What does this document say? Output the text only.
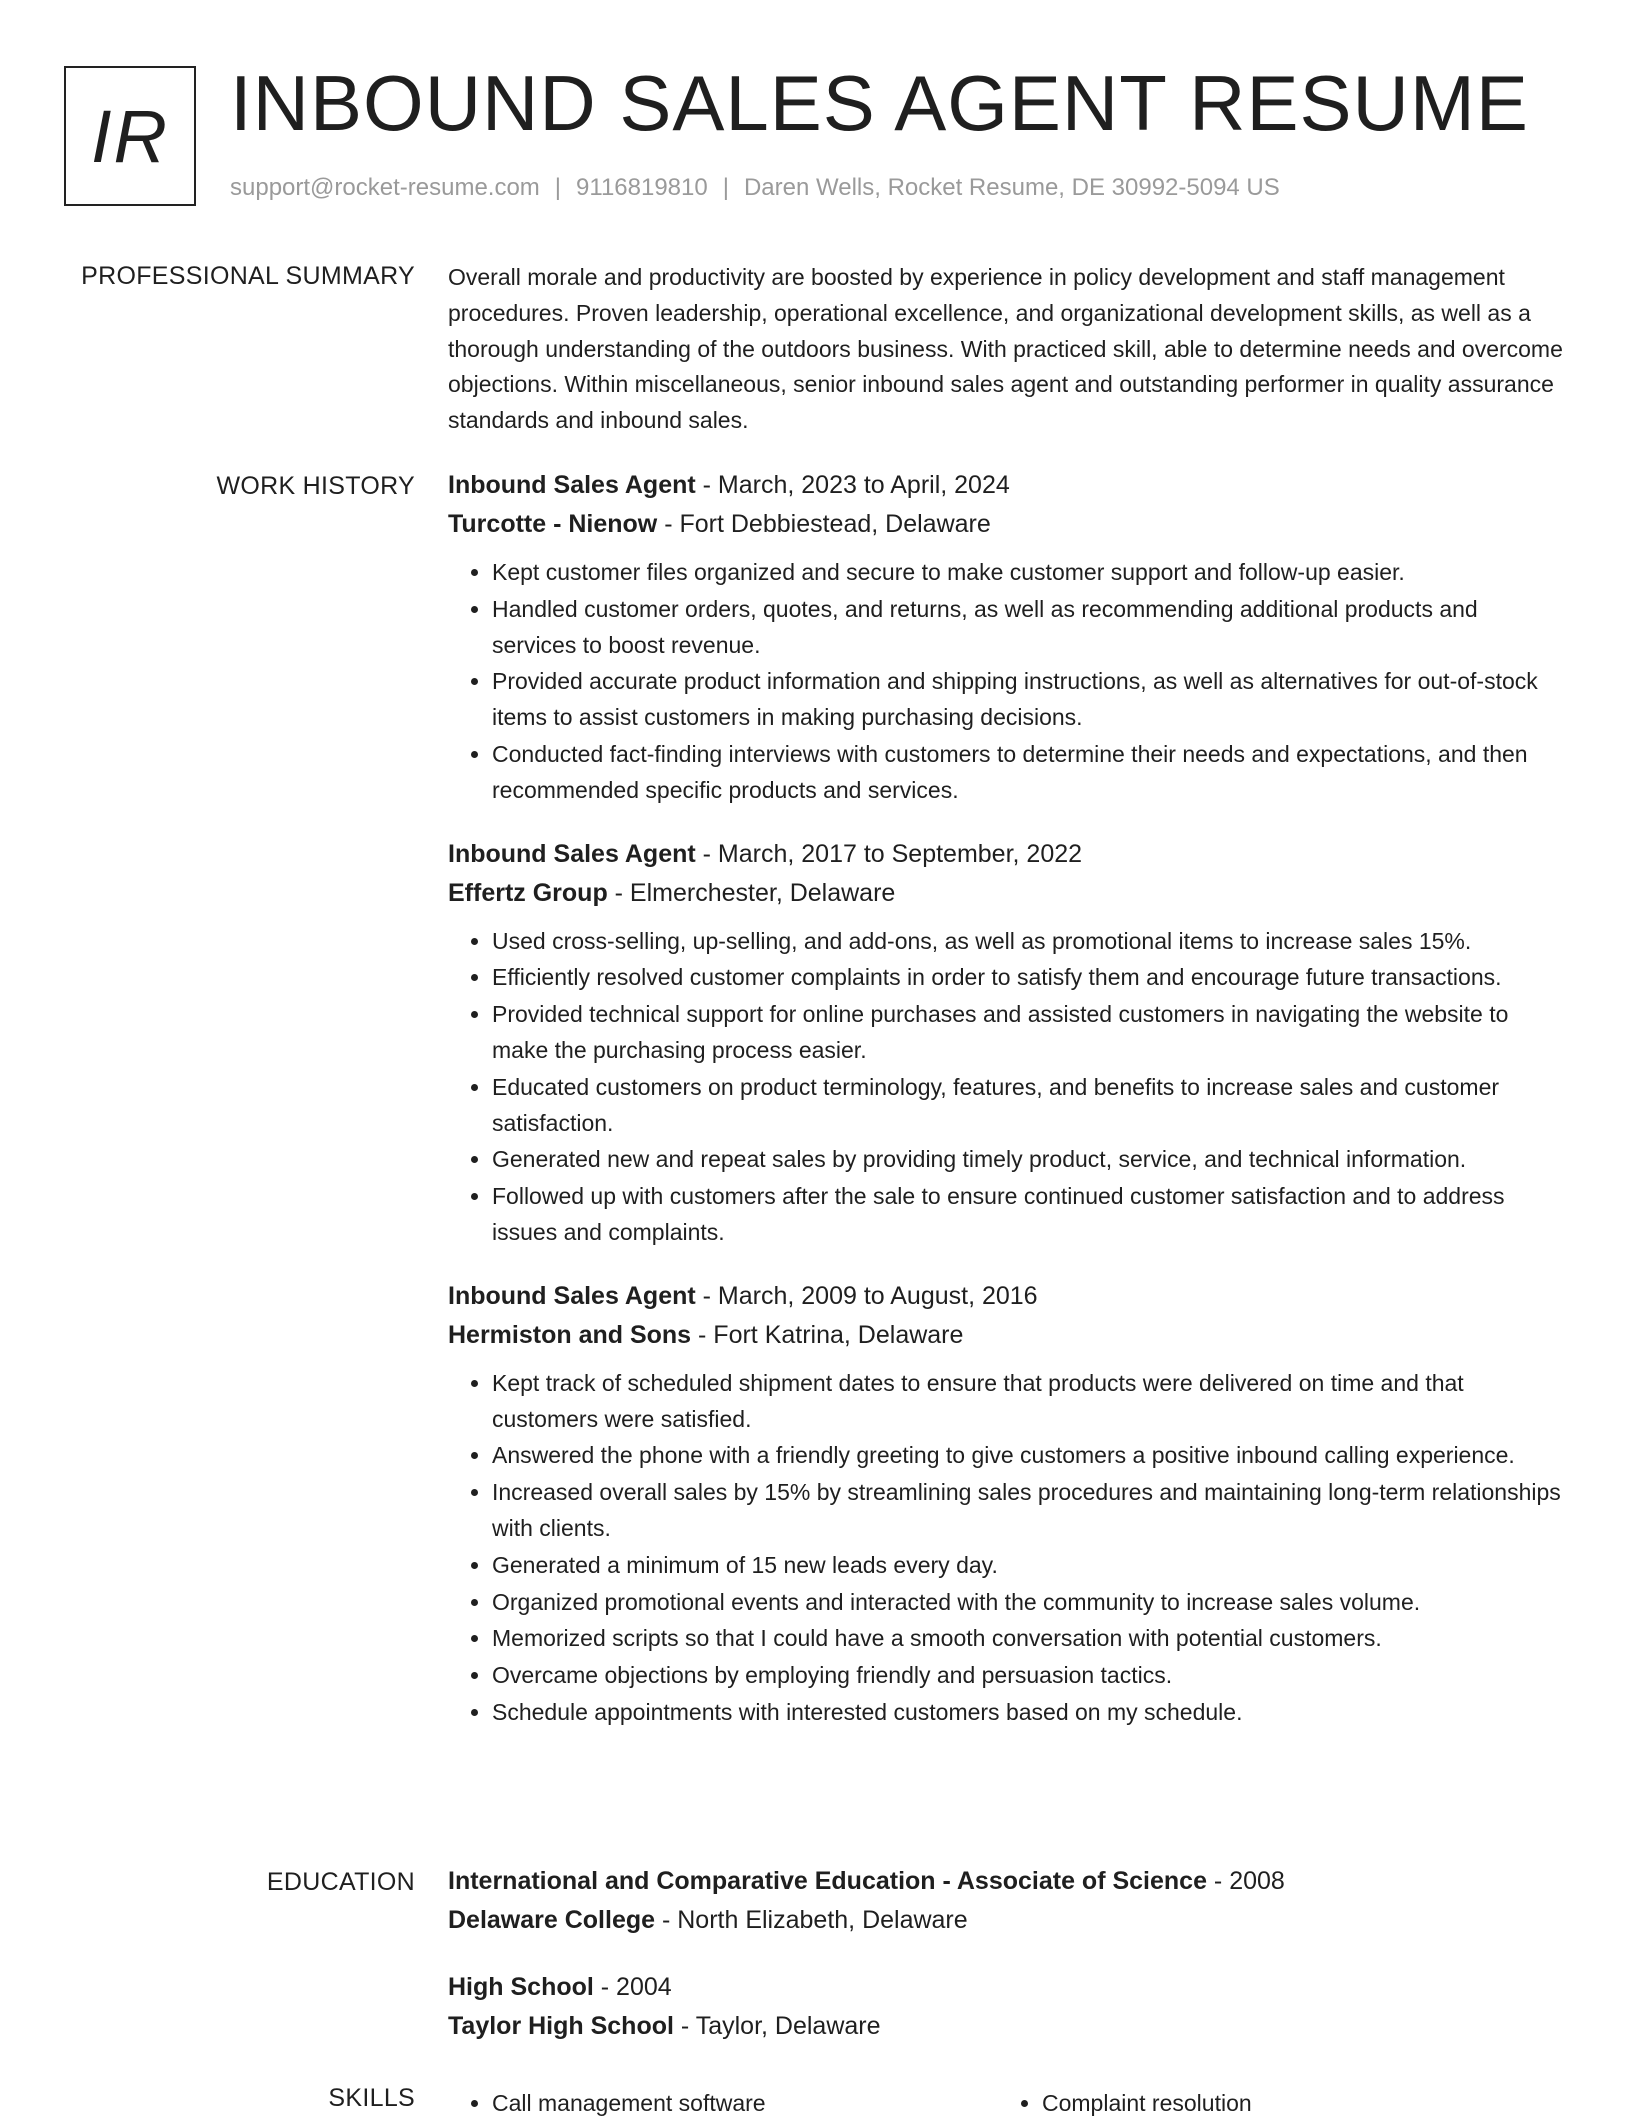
IR INBOUND SALES AGENT RESUME
support@rocket-resume.com | 9116819810 | Daren Wells, Rocket Resume, DE 30992-5094 US
PROFESSIONAL SUMMARY Overall morale and productivity are boosted by experience in policy development and staff management procedures. Proven leadership, operational excellence, and organizational development skills, as well as a thorough understanding of the outdoors business. With practiced skill, able to determine needs and overcome objections. Within miscellaneous, senior inbound sales agent and outstanding performer in quality assurance standards and inbound sales.

WORK HISTORY Inbound Sales Agent - March, 2023 to April, 2024
Turcotte - Nienow - Fort Debbiestead, Delaware
• Kept customer files organized and secure to make customer support and follow-up easier.
• Handled customer orders, quotes, and returns, as well as recommending additional products and services to boost revenue.
• Provided accurate product information and shipping instructions, as well as alternatives for out-of-stock items to assist customers in making purchasing decisions.
• Conducted fact-finding interviews with customers to determine their needs and expectations, and then recommended specific products and services.
Inbound Sales Agent - March, 2017 to September, 2022
Effertz Group - Elmerchester, Delaware
• Used cross-selling, up-selling, and add-ons, as well as promotional items to increase sales 15%.
• Efficiently resolved customer complaints in order to satisfy them and encourage future transactions.
• Provided technical support for online purchases and assisted customers in navigating the website to make the purchasing process easier.
• Educated customers on product terminology, features, and benefits to increase sales and customer satisfaction.
• Generated new and repeat sales by providing timely product, service, and technical information.
• Followed up with customers after the sale to ensure continued customer satisfaction and to address issues and complaints.
Inbound Sales Agent - March, 2009 to August, 2016
Hermiston and Sons - Fort Katrina, Delaware
• Kept track of scheduled shipment dates to ensure that products were delivered on time and that customers were satisfied.
• Answered the phone with a friendly greeting to give customers a positive inbound calling experience.
• Increased overall sales by 15% by streamlining sales procedures and maintaining long-term relationships with clients.
• Generated a minimum of 15 new leads every day.
• Organized promotional events and interacted with the community to increase sales volume.
• Memorized scripts so that I could have a smooth conversation with potential customers.
• Overcame objections by employing friendly and persuasion tactics.
• Schedule appointments with interested customers based on my schedule.
EDUCATION International and Comparative Education - Associate of Science - 2008
Delaware College - North Elizabeth, Delaware
High School - 2004
Taylor High School - Taylor, Delaware
SKILLS	• Call management software	• Complaint resolution
